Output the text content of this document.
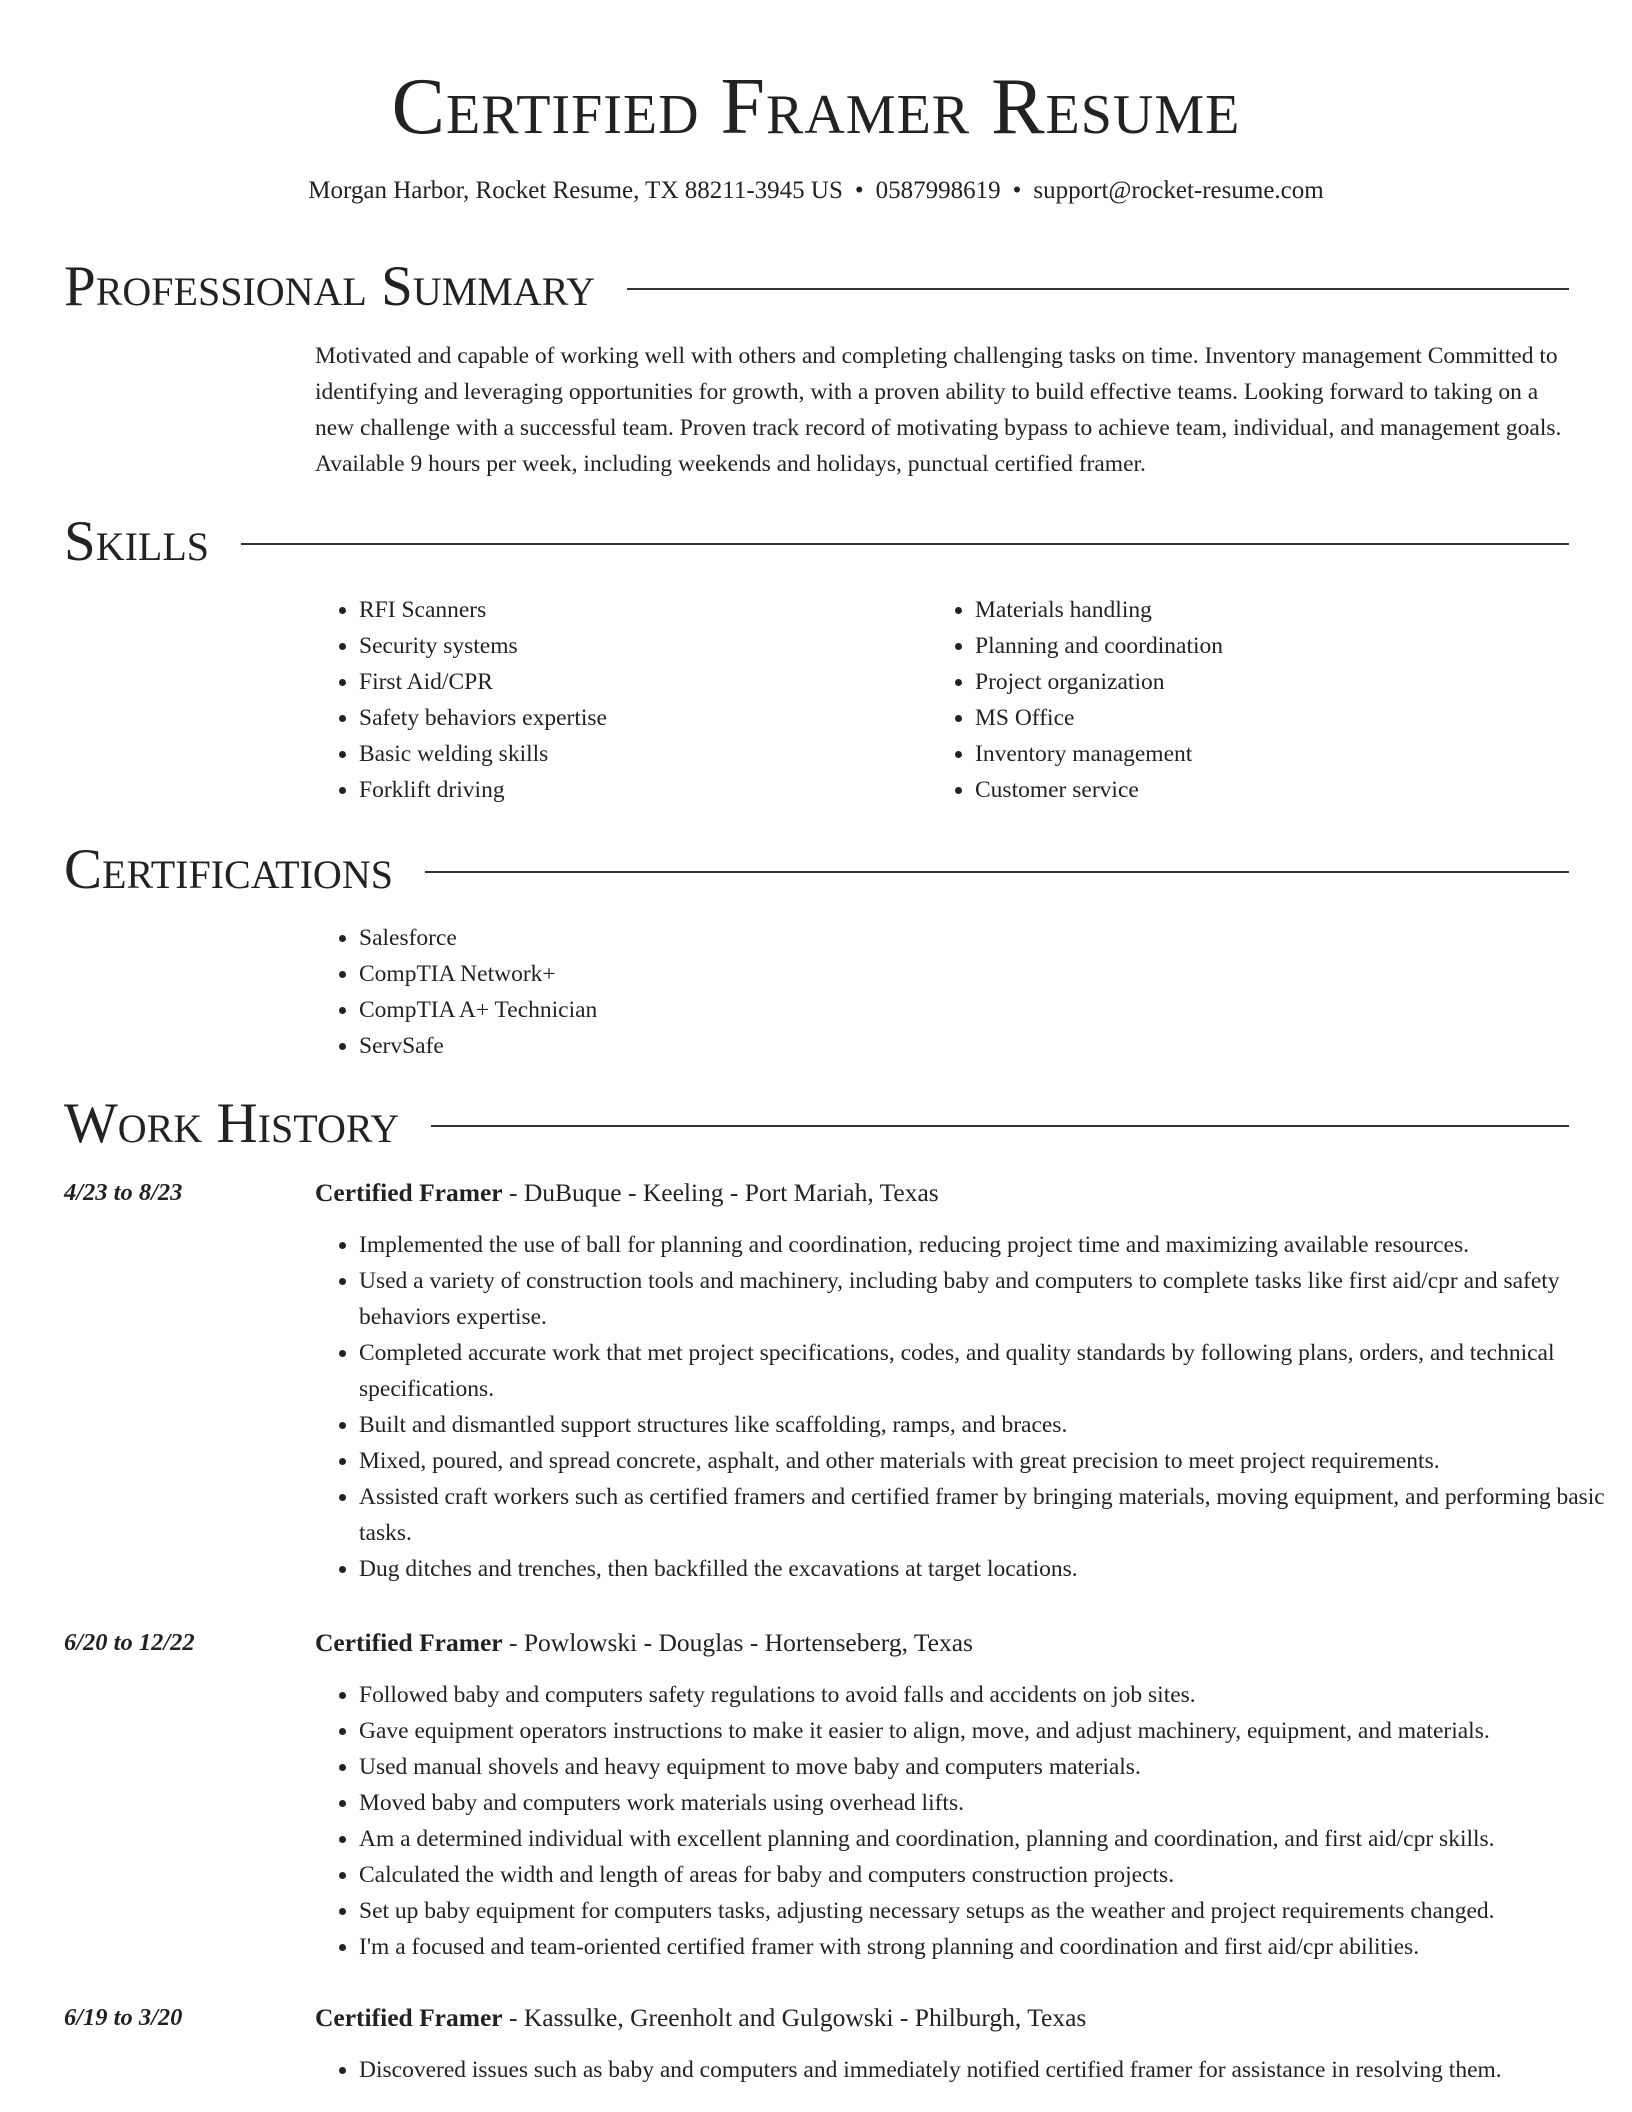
Certified Framer Resume
Morgan Harbor, Rocket Resume, TX 88211-3945 US • 0587998619 • support@rocket-resume.com
Professional Summary

Motivated and capable of working well with others and completing challenging tasks on time. Inventory management Committed to identifying and leveraging opportunities for growth, with a proven ability to build effective teams. Looking forward to taking on a new challenge with a successful team. Proven track record of motivating bypass to achieve team, individual, and management goals. Available 9 hours per week, including weekends and holidays, punctual certified framer.

Skills
• RFI Scanners
• Security systems
• First Aid/CPR
• Safety behaviors expertise
• Basic welding skills
• Forklift driving
• Materials handling
• Planning and coordination
• Project organization
• MS Office
• Inventory management
• Customer service
Certifications
• Salesforce
• CompTIA Network+
• CompTIA A+ Technician
• ServSafe
Work History
4/23 to 8/23	Certified Framer - DuBuque - Keeling - Port Mariah, Texas
• Implemented the use of ball for planning and coordination, reducing project time and maximizing available resources.
• Used a variety of construction tools and machinery, including baby and computers to complete tasks like first aid/cpr and safety behaviors expertise.
• Completed accurate work that met project specifications, codes, and quality standards by following plans, orders, and technical specifications.
• Built and dismantled support structures like scaffolding, ramps, and braces.
• Mixed, poured, and spread concrete, asphalt, and other materials with great precision to meet project requirements.
• Assisted craft workers such as certified framers and certified framer by bringing materials, moving equipment, and performing basic tasks.
• Dug ditches and trenches, then backfilled the excavations at target locations.
6/20 to 12/22	Certified Framer - Powlowski - Douglas - Hortenseberg, Texas
• Followed baby and computers safety regulations to avoid falls and accidents on job sites.
• Gave equipment operators instructions to make it easier to align, move, and adjust machinery, equipment, and materials.
• Used manual shovels and heavy equipment to move baby and computers materials.
• Moved baby and computers work materials using overhead lifts.
• Am a determined individual with excellent planning and coordination, planning and coordination, and first aid/cpr skills.
• Calculated the width and length of areas for baby and computers construction projects.
• Set up baby equipment for computers tasks, adjusting necessary setups as the weather and project requirements changed.
• I'm a focused and team-oriented certified framer with strong planning and coordination and first aid/cpr abilities.
6/19 to 3/20	Certified Framer - Kassulke, Greenholt and Gulgowski - Philburgh, Texas
• Discovered issues such as baby and computers and immediately notified certified framer for assistance in resolving them.
